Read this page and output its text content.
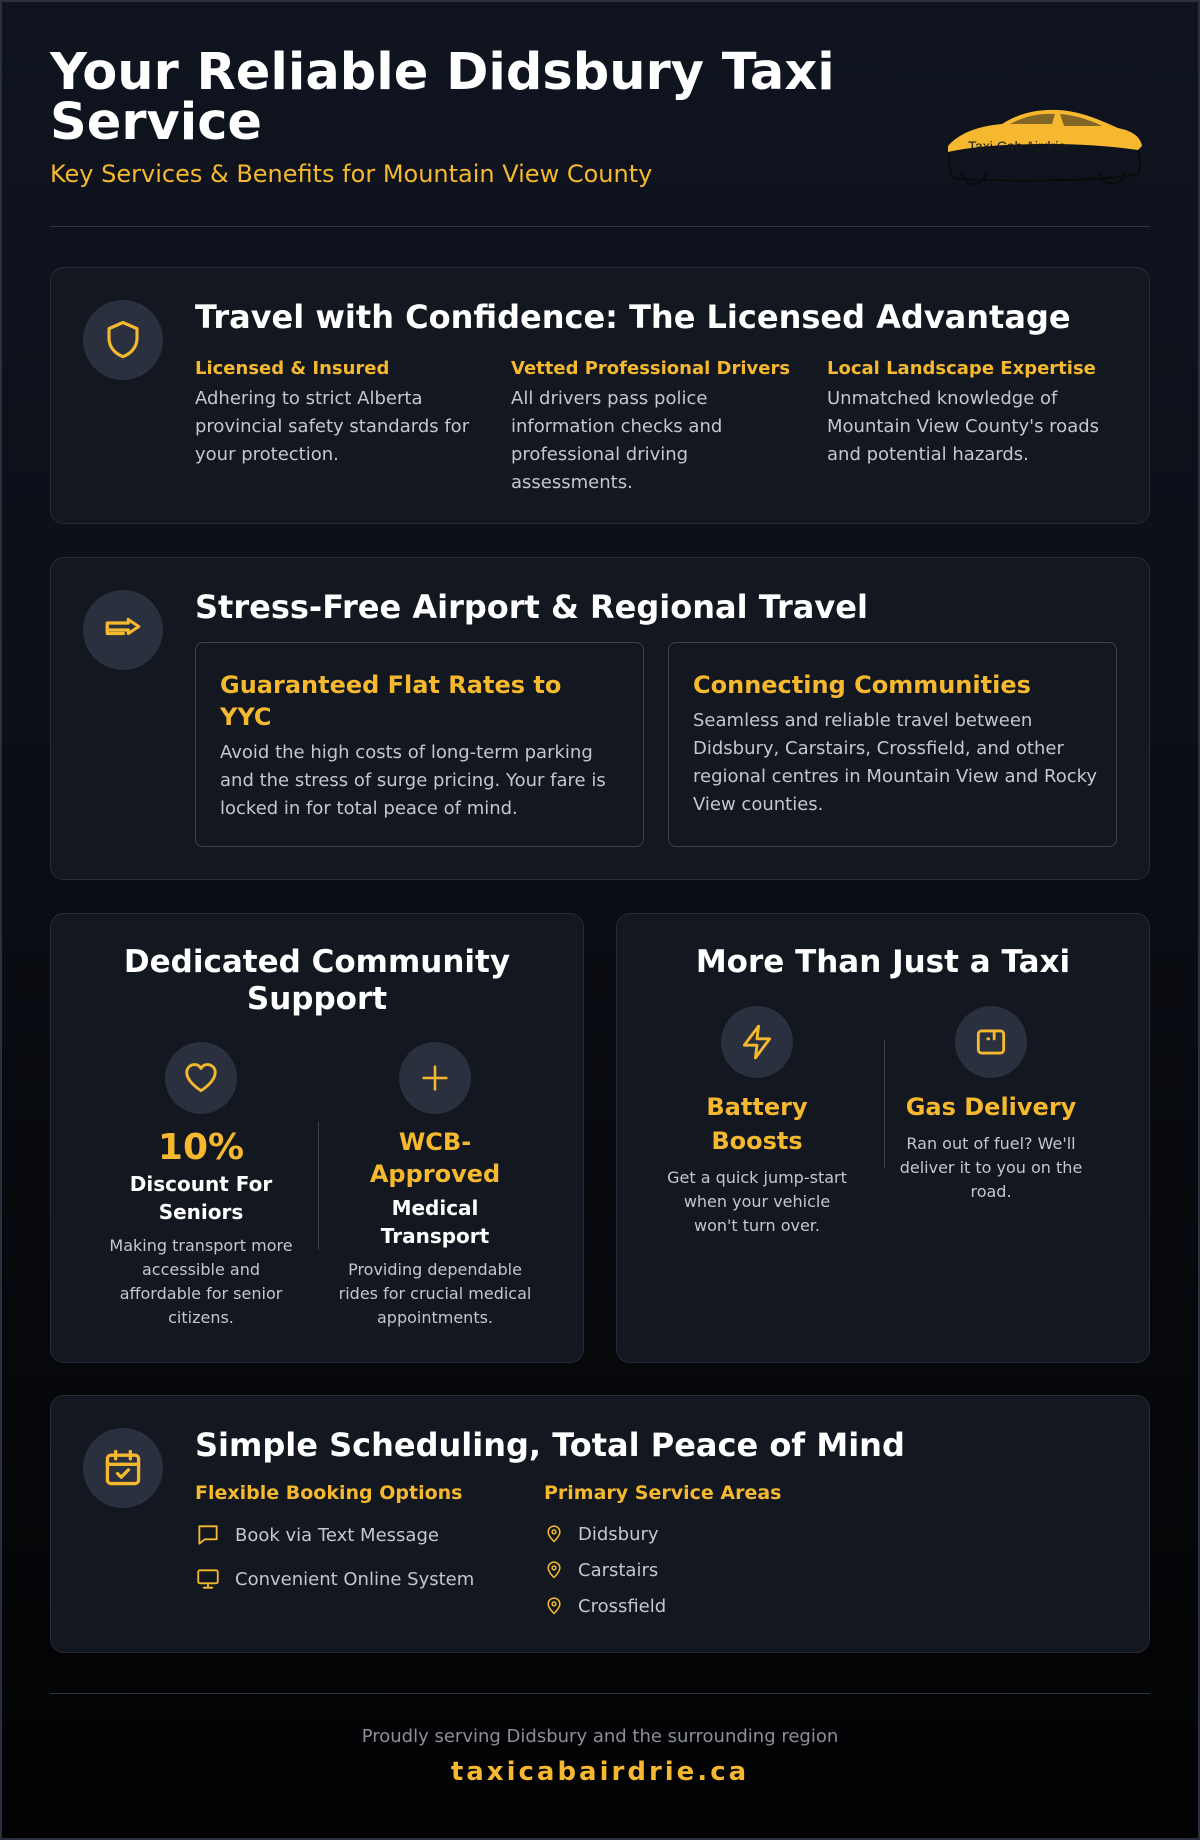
Your Reliable Didsbury Taxi Service
Key Services & Benefits for Mountain View County
Taxi Cab Airdrie
Travel with Confidence: The Licensed Advantage
Licensed & Insured
Adhering to strict Alberta provincial safety standards for your protection.
Vetted Professional Drivers
All drivers pass police information checks and professional driving assessments.
Local Landscape Expertise
Unmatched knowledge of Mountain View County's roads and potential hazards.
Stress-Free Airport & Regional Travel
Guaranteed Flat Rates to YYC
Avoid the high costs of long-term parking and the stress of surge pricing. Your fare is locked in for total peace of mind.
Connecting Communities
Seamless and reliable travel between Didsbury, Carstairs, Crossfield, and other regional centres in Mountain View and Rocky View counties.
Dedicated Community Support
10%
Discount For Seniors
Making transport more accessible and affordable for senior citizens.
WCB-Approved
Medical Transport
Providing dependable rides for crucial medical appointments.
More Than Just a Taxi
Battery Boosts
Get a quick jump-start when your vehicle won't turn over.
Gas Delivery
Ran out of fuel? We'll deliver it to you on the road.
Simple Scheduling, Total Peace of Mind
Flexible Booking Options
Book via Text Message
Convenient Online System
Primary Service Areas
Didsbury
Carstairs
Crossfield
Proudly serving Didsbury and the surrounding region
taxicabairdrie.ca
